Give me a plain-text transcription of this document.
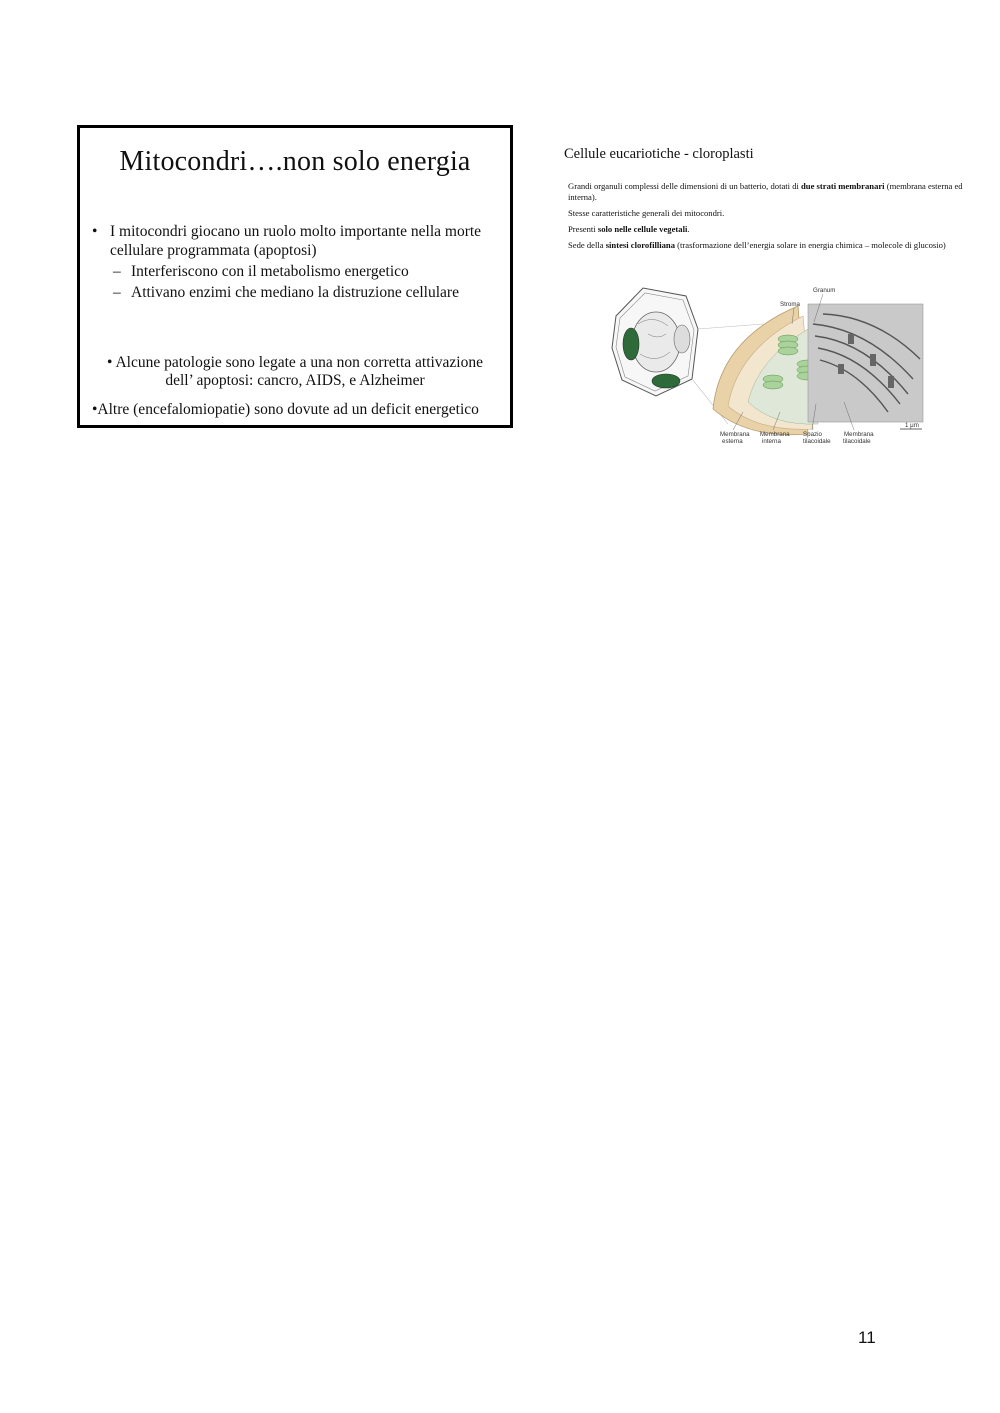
Mitocondri….non solo energia
• I mitocondri giocano un ruolo molto importante nella morte cellulare programmata (apoptosi)
– Interferiscono con il metabolismo energetico
– Attivano enzimi che mediano la distruzione cellulare
• Alcune patologie sono legate a una non corretta attivazione
dell’ apoptosi: cancro, AIDS, e Alzheimer
•Altre (encefalomiopatie) sono dovute ad un deficit energetico
Cellule eucariotiche - cloroplasti

Grandi organuli complessi delle dimensioni di un batterio, dotati di due strati membranari (membrana esterna ed interna).

Stesse caratteristiche generali dei mitocondri.

Presenti solo nelle cellule vegetali.

Sede della sintesi clorofilliana (trasformazione dell’energia solare in energia chimica – molecole di glucosio)

Granum
Stroma
Membrana
esterna
Membrana
interna
Spazio
tilacoidale
Membrana
tilacoidale
1 μm
11
